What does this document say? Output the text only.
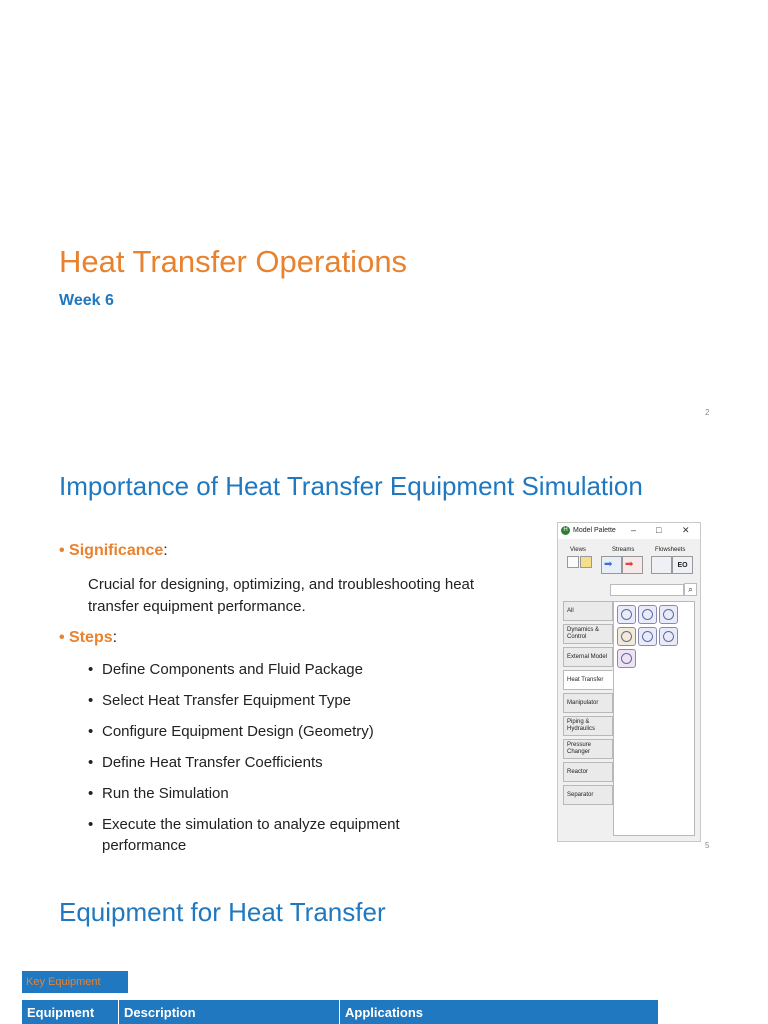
Heat Transfer Operations
Week 6
2
Importance of Heat Transfer Equipment Simulation
• Significance:
Crucial for designing, optimizing, and troubleshooting heat transfer equipment performance.
• Steps:
• Define Components and Fluid Package
• Select Heat Transfer Equipment Type
• Configure Equipment Design (Geometry)
• Define Heat Transfer Coefficients
• Run the Simulation
• Execute the simulation to analyze equipment performance
H Model Palette – □ ✕
Views	Streams	Flowsheets
➡ ➡	EO
⌕
All
Dynamics & Control
External Model
Heat Transfer
Manipulator
Piping & Hydraulics
Pressure Changer
Reactor
Separator
5
Equipment for Heat Transfer
Key Equipment
Equipment	Description	Applications
